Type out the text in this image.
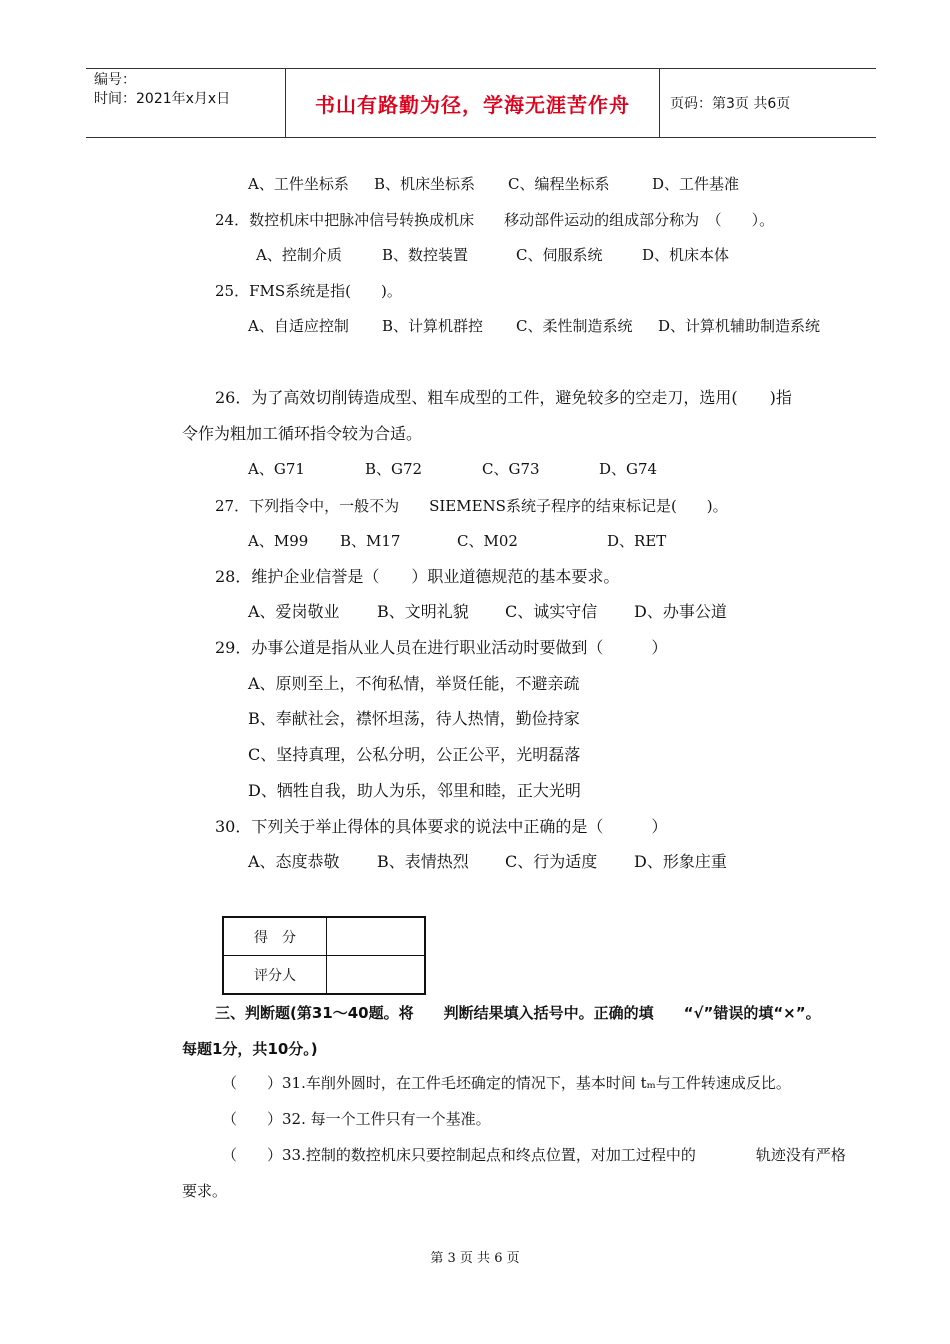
编号：
时间：2021年x月x日	书山有路勤为径，学海无涯苦作舟	页码：第3页 共6页
A、工件坐标系 B、机床坐标系 C、编程坐标系	D、工件基准
24．数控机床中把脉冲信号转换成机床　　移动部件运动的组成部分称为　（　　）。
A、控制介质	B、数控装置	C、伺服系统	D、机床本体
25．FMS系统是指(　　)。
A、自适应控制 B、计算机群控 C、柔性制造系统 D、计算机辅助制造系统
26．为了高效切削铸造成型、粗车成型的工件，避免较多的空走刀，选用(　　)指
令作为粗加工循环指令较为合适。
A、G71	B、G72	C、G73	D、G74
27．下列指令中，一般不为　　SIEMENS系统子程序的结束标记是(　　)。
A、M99 B、M17	C、M02	D、RET
28．维护企业信誉是（　　）职业道德规范的基本要求。
A、爱岗敬业 B、文明礼貌 C、诚实守信 D、办事公道
29．办事公道是指从业人员在进行职业活动时要做到（　　　）
A、原则至上，不徇私情，举贤任能，不避亲疏
B、奉献社会，襟怀坦荡，待人热情，勤俭持家
C、坚持真理，公私分明，公正公平，光明磊落
D、牺牲自我，助人为乐，邻里和睦，正大光明
30．下列关于举止得体的具体要求的说法中正确的是（　　　）
A、态度恭敬 B、表情热烈 C、行为适度 D、形象庄重
得　分	
评分人	
三、判断题(第31～40题。将　　判断结果填入括号中。正确的填　　“√”错误的填“×”。
每题1分，共10分。)
（　　）31.车削外圆时，在工件毛坯确定的情况下，基本时间 tₘ与工件转速成反比。
（　　）32. 每一个工件只有一个基准。
（　　）33.控制的数控机床只要控制起点和终点位置，对加工过程中的　　　　轨迹没有严格
要求。
第 3 页 共 6 页
